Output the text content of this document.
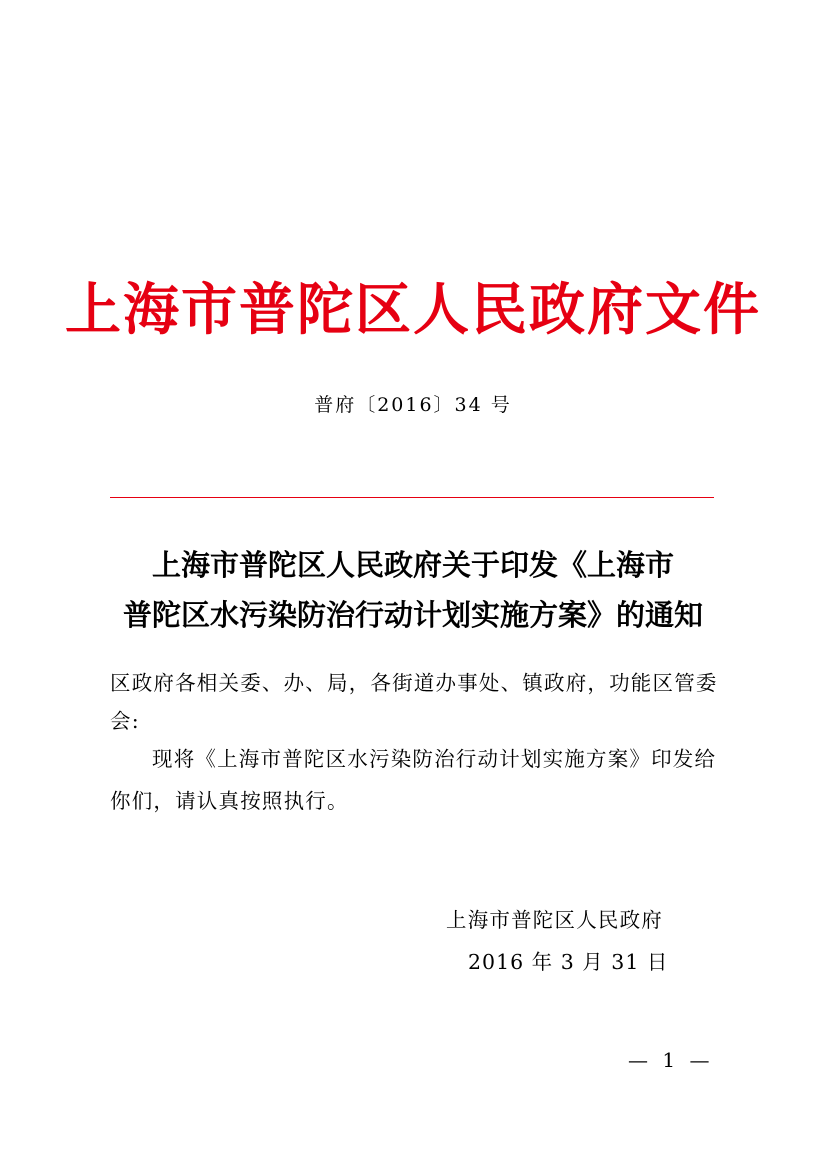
上海市普陀区人民政府文件
普府〔2016〕34 号
上海市普陀区人民政府关于印发《上海市
普陀区水污染防治行动计划实施方案》的通知
区政府各相关委、办、局，各街道办事处、镇政府，功能区管委
会:
现将《上海市普陀区水污染防治行动计划实施方案》印发给
你们，请认真按照执行。
上海市普陀区人民政府
2016 年 3 月 31 日
— 1 —
